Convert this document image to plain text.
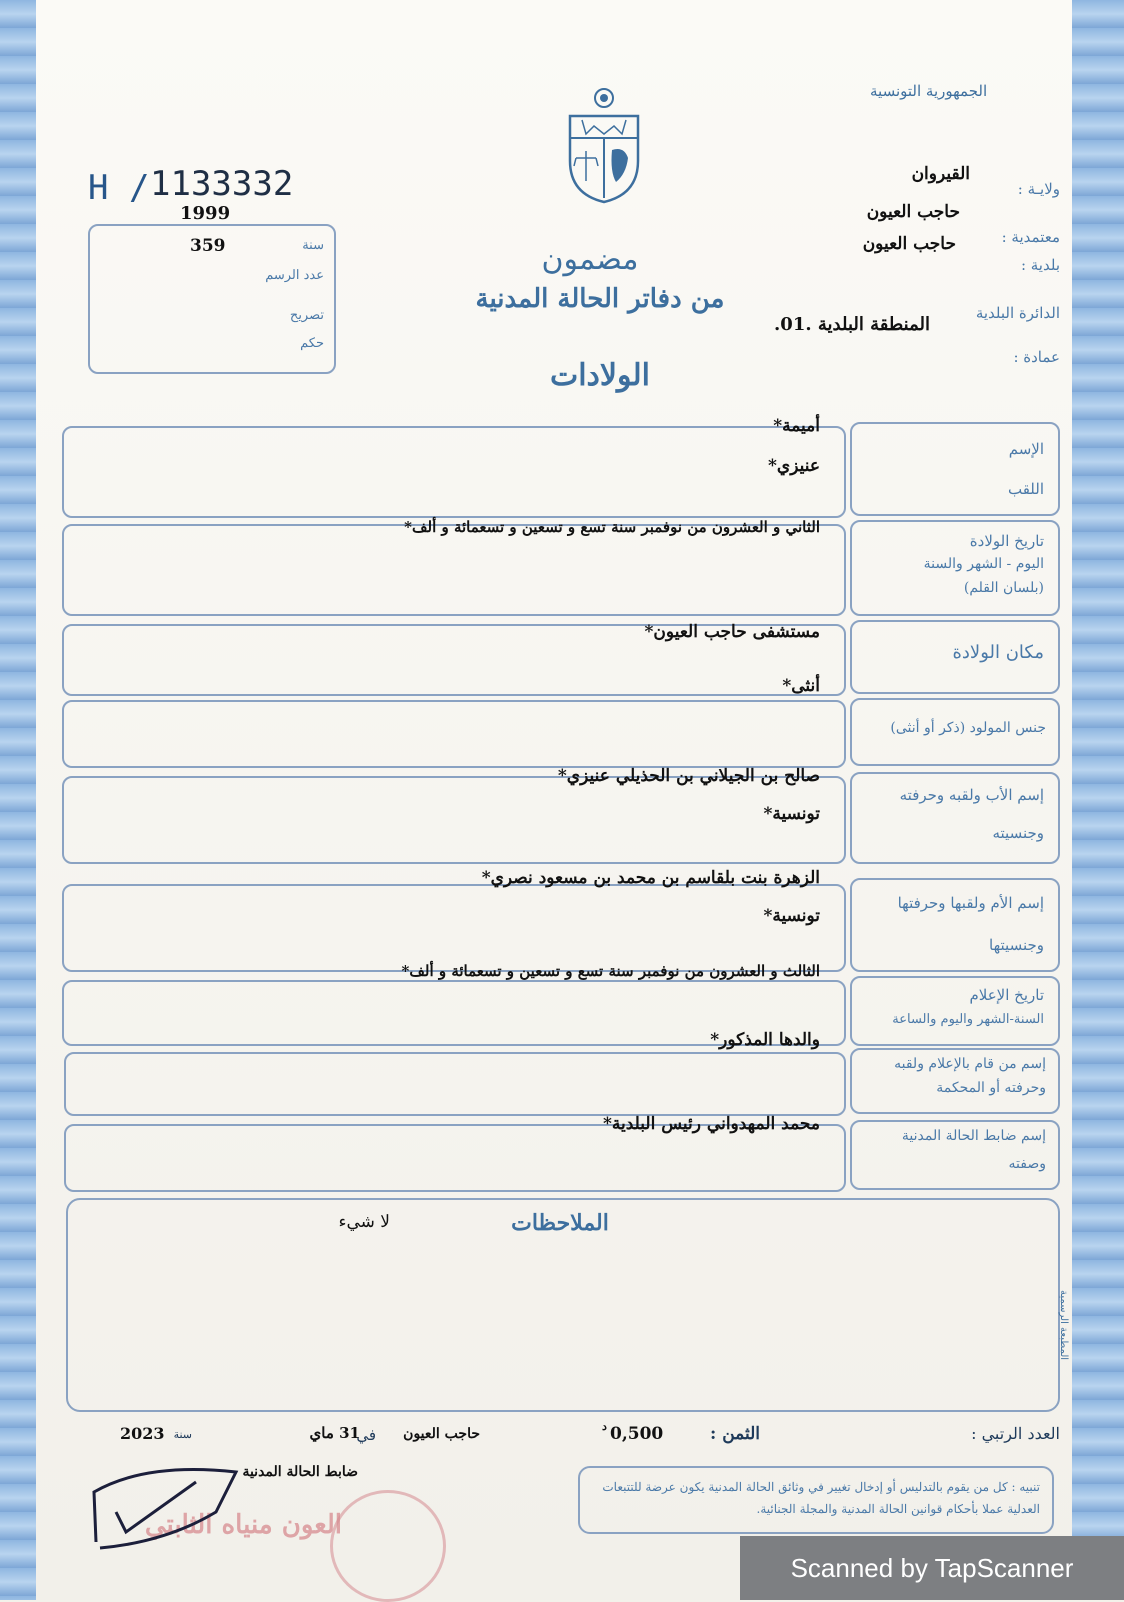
الجمهورية التونسية
H / 1133332
1999
سنة
359
عدد الرسم
تصريح
حكم
مضمون
من دفاتر الحالة المدنية
الولادات
ولايـة :
القيروان
حاجب العيون
معتمدية :
حاجب العيون
بلدية :
الدائرة البلدية
المنطقة البلدية .01.
عمادة :
الإسم
اللقب
أميمة*
عنيزي*
تاريخ الولادة
اليوم - الشهر والسنة
(بلسان القلم)
الثاني و العشرون من نوفمبر سنة تسع و تسعين و تسعمائة و ألف*
مكان الولادة
مستشفى حاجب العيون*
جنس المولود (ذكر أو أنثى)
أنثى*
إسم الأب ولقبه وحرفته
وجنسيته
صالح بن الجيلاني بن الحذيلي عنيزي*
تونسية*
إسم الأم ولقبها وحرفتها
وجنسيتها
الزهرة بنت بلقاسم بن محمد بن مسعود نصري*
تونسية*
تاريخ الإعلام
السنة-الشهر واليوم والساعة
الثالث و العشرون من نوفمبر سنة تسع و تسعين و تسعمائة و ألف*
إسم من قام بالإعلام ولقبه
وحرفته أو المحكمة
والدها المذكور*
إسم ضابط الحالة المدنية
وصفته
محمد المهدواني رئيس البلدية*
الملاحظات
لا شيء
المطبعة الرسمية
العدد الرتبي :
الثمن :
0,500
د
حاجب العيون
في
31 ماي
سنة
2023
ضابط الحالة المدنية
تنبيه : كل من يقوم بالتدليس أو إدخال تغيير في وثائق الحالة المدنية يكون عرضة للتتبعات العدلية عملا بأحكام قوانين الحالة المدنية والمجلة الجنائية.
العون منياه الثابتي
Scanned by TapScanner
